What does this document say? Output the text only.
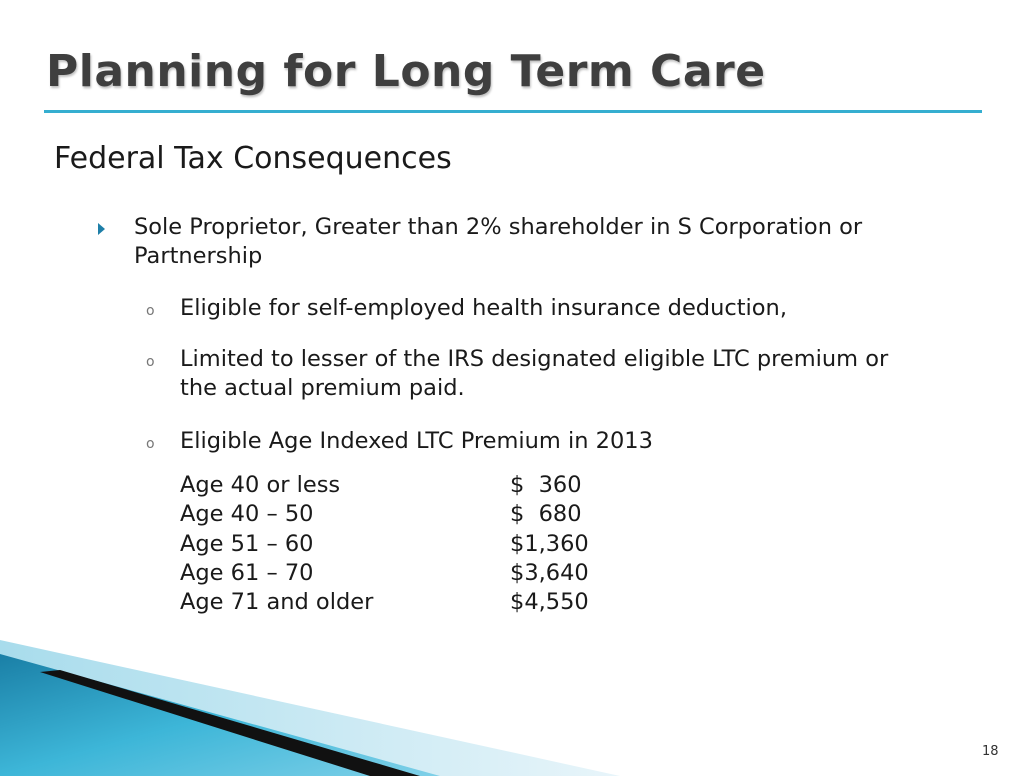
Planning for Long Term Care
Federal Tax Consequences
Sole Proprietor, Greater than 2% shareholder in S Corporation or Partnership
o Eligible for self-employed health insurance deduction,
o Limited to lesser of the IRS designated eligible LTC premium or the actual premium paid.
o Eligible Age Indexed LTC Premium in 2013
Age 40 or less	$  360
Age 40 – 50	$  680
Age 51 – 60	$1,360
Age 61 – 70	$3,640
Age 71 and older	$4,550
18
